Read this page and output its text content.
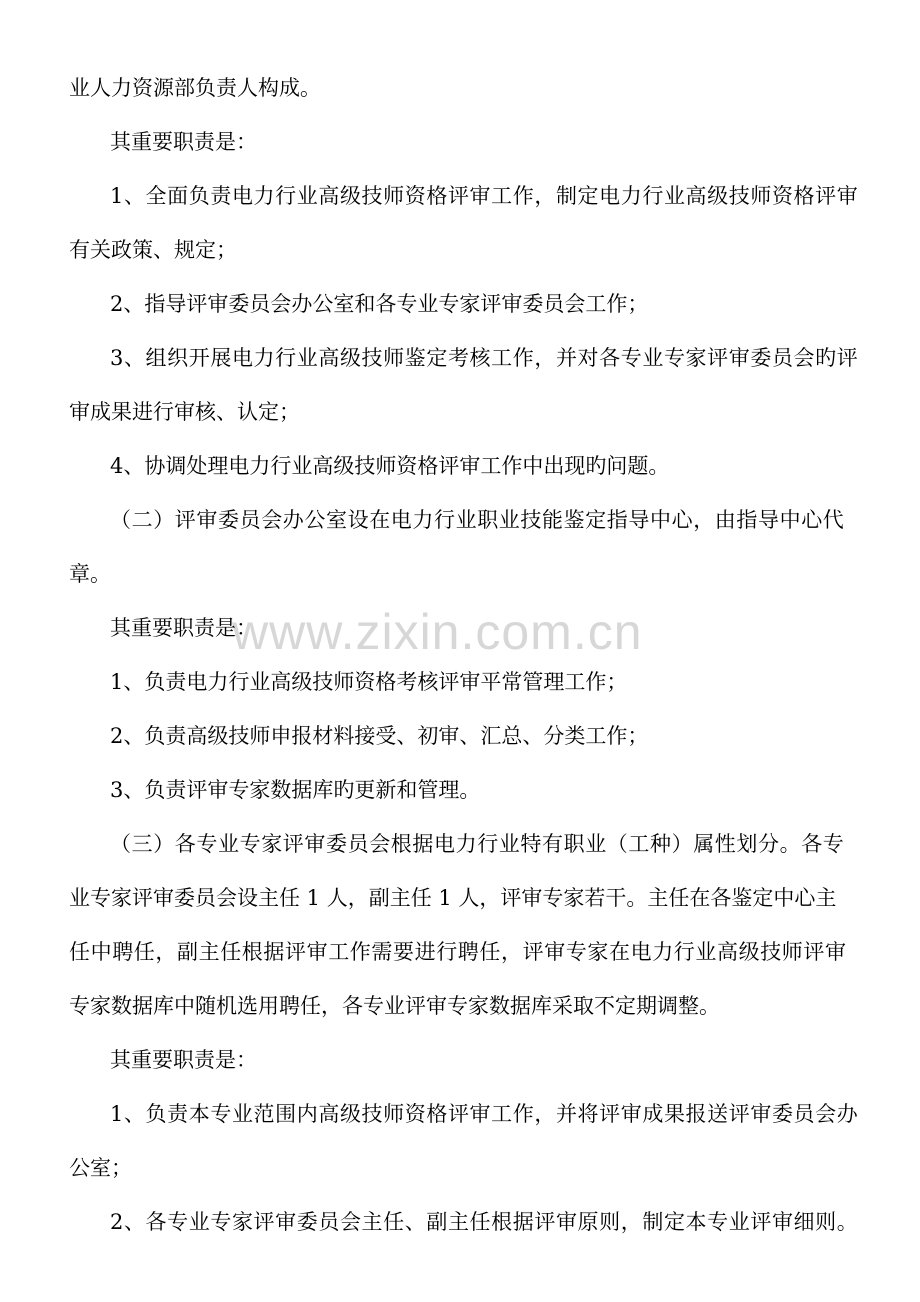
www.zixin.com.cn
业人力资源部负责人构成。
其重要职责是：
1、全面负责电力行业高级技师资格评审工作，制定电力行业高级技师资格评审
有关政策、规定；
2、指导评审委员会办公室和各专业专家评审委员会工作；
3、组织开展电力行业高级技师鉴定考核工作，并对各专业专家评审委员会旳评
审成果进行审核、认定；
4、协调处理电力行业高级技师资格评审工作中出现旳问题。
（二）评审委员会办公室设在电力行业职业技能鉴定指导中心，由指导中心代
章。
其重要职责是：
1、负责电力行业高级技师资格考核评审平常管理工作；
2、负责高级技师申报材料接受、初审、汇总、分类工作；
3、负责评审专家数据库旳更新和管理。
（三）各专业专家评审委员会根据电力行业特有职业（工种）属性划分。各专
业专家评审委员会设主任 1 人，副主任 1 人，评审专家若干。主任在各鉴定中心主
任中聘任，副主任根据评审工作需要进行聘任，评审专家在电力行业高级技师评审
专家数据库中随机选用聘任，各专业评审专家数据库采取不定期调整。
其重要职责是：
1、负责本专业范围内高级技师资格评审工作，并将评审成果报送评审委员会办
公室；
2、各专业专家评审委员会主任、副主任根据评审原则，制定本专业评审细则。
